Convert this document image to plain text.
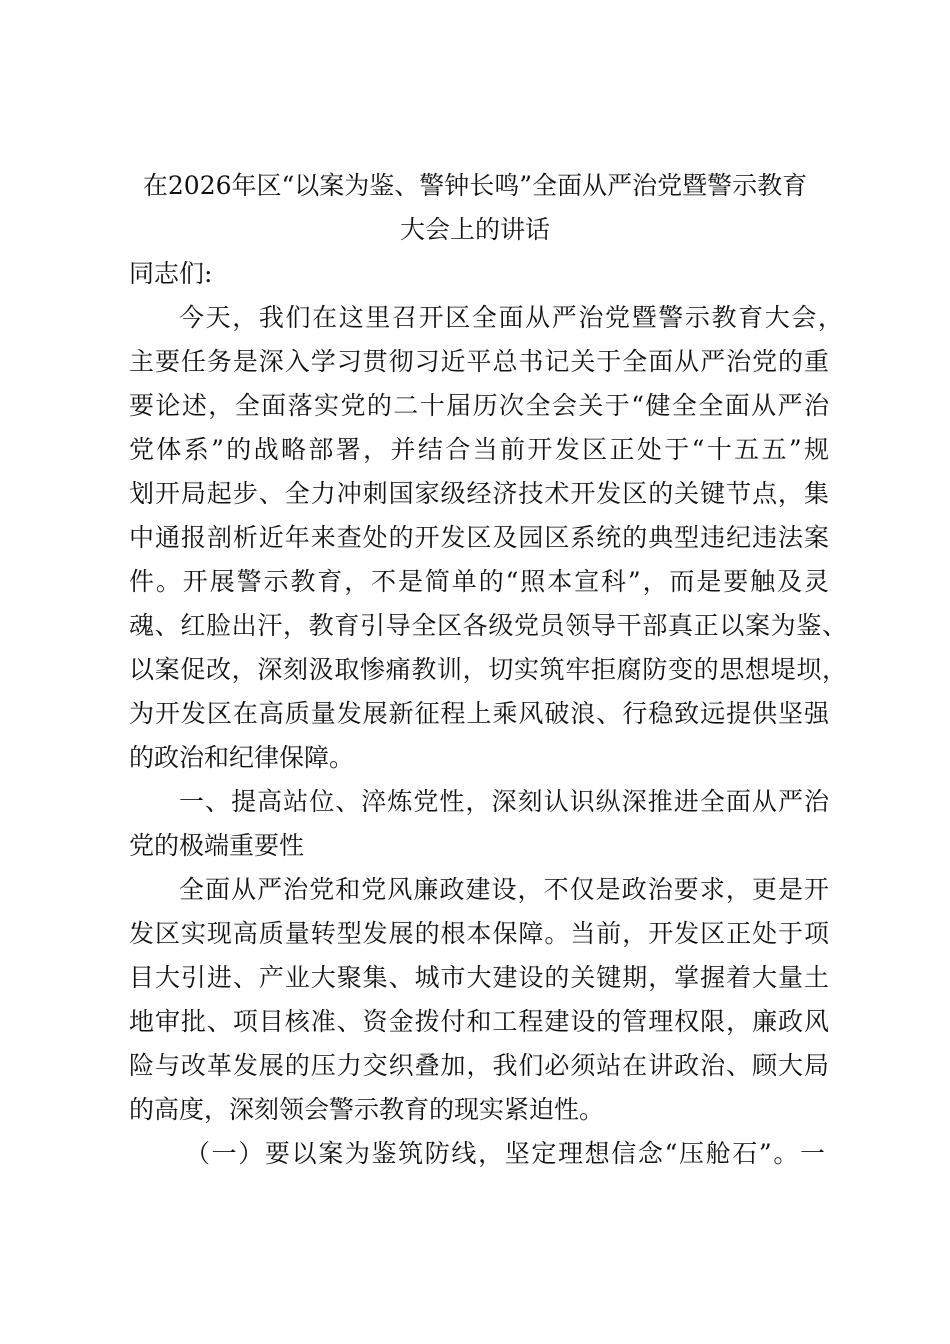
在2026年区“以案为鉴、警钟长鸣”全面从严治党暨警示教育
大会上的讲话

同志们:

今天，我们在这里召开区全面从严治党暨警示教育大会，
主要任务是深入学习贯彻习近平总书记关于全面从严治党的重
要论述，全面落实党的二十届历次全会关于“健全全面从严治
党体系”的战略部署，并结合当前开发区正处于“十五五”规
划开局起步、全力冲刺国家级经济技术开发区的关键节点，集
中通报剖析近年来查处的开发区及园区系统的典型违纪违法案
件。开展警示教育，不是简单的“照本宣科”，而是要触及灵
魂、红脸出汗，教育引导全区各级党员领导干部真正以案为鉴、
以案促改，深刻汲取惨痛教训，切实筑牢拒腐防变的思想堤坝，
为开发区在高质量发展新征程上乘风破浪、行稳致远提供坚强
的政治和纪律保障。
一、提高站位、淬炼党性，深刻认识纵深推进全面从严治
党的极端重要性
全面从严治党和党风廉政建设，不仅是政治要求，更是开
发区实现高质量转型发展的根本保障。当前，开发区正处于项
目大引进、产业大聚集、城市大建设的关键期，掌握着大量土
地审批、项目核准、资金拨付和工程建设的管理权限，廉政风
险与改革发展的压力交织叠加，我们必须站在讲政治、顾大局
的高度，深刻领会警示教育的现实紧迫性。
（一）要以案为鉴筑防线，坚定理想信念“压舱石”。一
